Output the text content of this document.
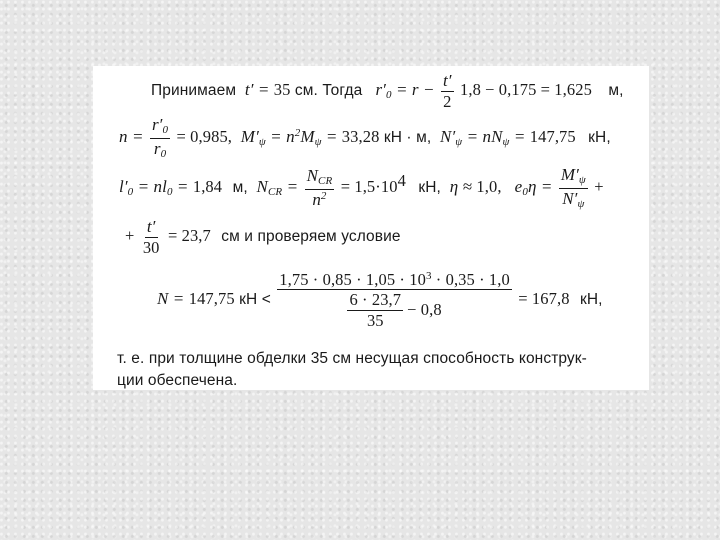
Принимаем  t′ = 35 см. Тогда   $r'_0 = r - \frac{t'}{2} 1,8 - 0,175 = 1,625$ м,
$n = \frac{r'_0}{r_0} = 0,985$,  $M'_\psi = n^2M_\psi = 33,28$ кН · м,  $N'_\psi = nN_\psi = 147,75$ кН,
$l'_0 = nl_0 = 1,84$ м,  $N_{CR} = \frac{N_{CR}}{n^2} = 1,5\cdot 10^4$ кН,  η ≈ 1,0,   $e_0\eta = \frac{M'_\psi}{N'_\psi}$ +
+ $\frac{t'}{30} = 23,7$ см и проверяем условие
N = 147,75 кН < $\frac{1,75 \cdot 0,85 \cdot 1,05 \cdot 10^3 \cdot 0,35 \cdot 1,0}{\frac{6 \cdot 23,7}{35} - 0,8} = 167,8$ кН,
т. е. при толщине обделки 35 см несущая способность конструк-
ции обеспечена.
